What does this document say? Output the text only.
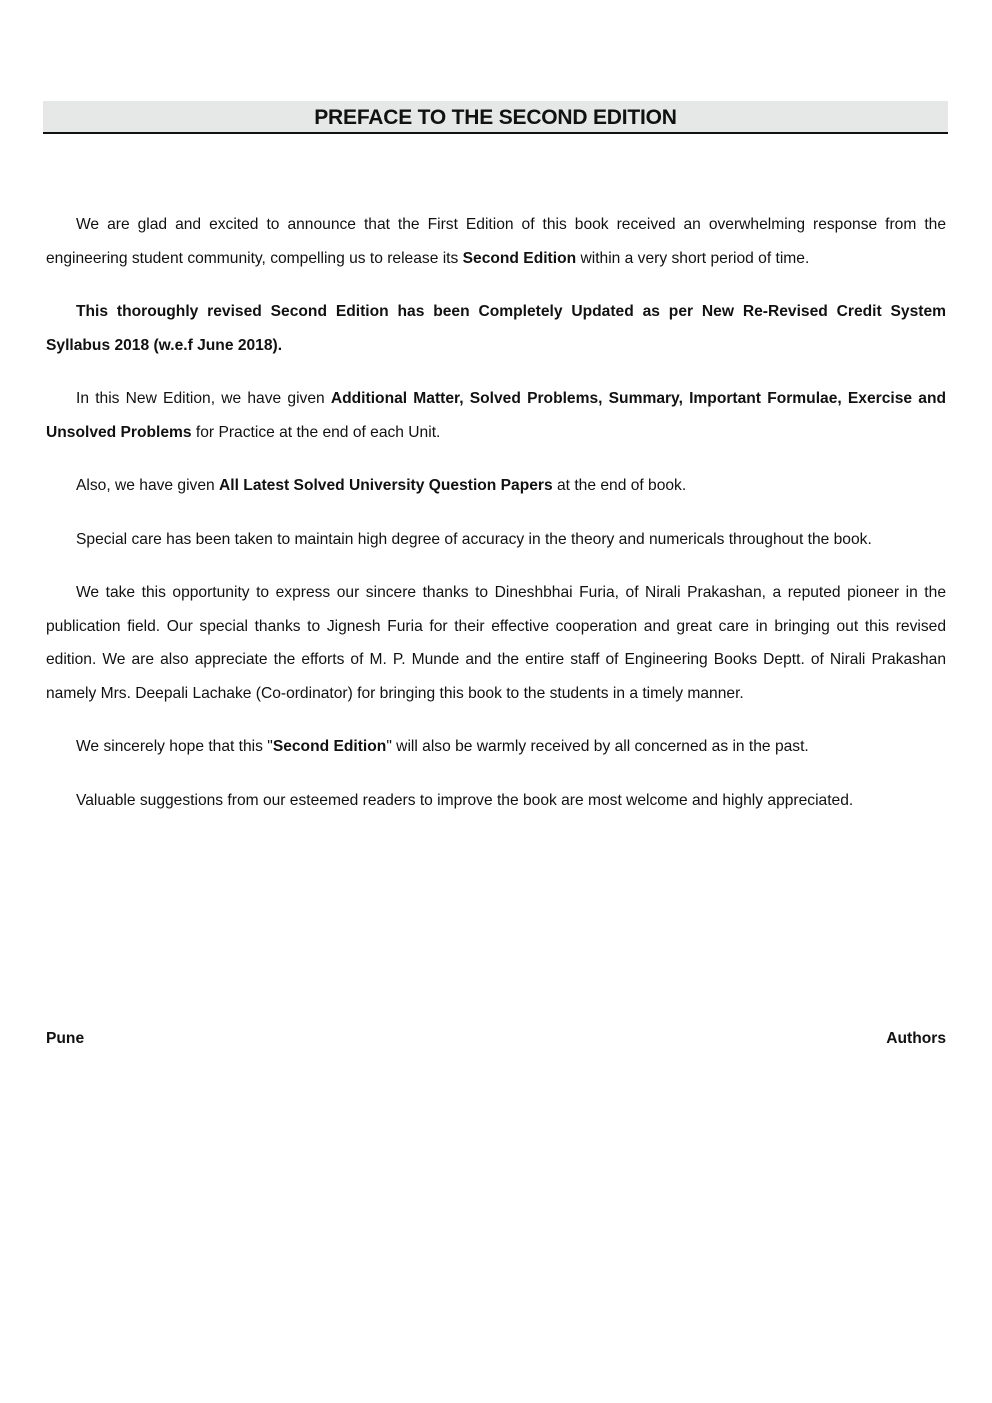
PREFACE TO THE SECOND EDITION

We are glad and excited to announce that the First Edition of this book received an overwhelming response from the engineering student community, compelling us to release its Second Edition within a very short period of time.

This thoroughly revised Second Edition has been Completely Updated as per New Re-Revised Credit System Syllabus 2018 (w.e.f June 2018).

In this New Edition, we have given Additional Matter, Solved Problems, Summary, Important Formulae, Exercise and Unsolved Problems for Practice at the end of each Unit.

Also, we have given All Latest Solved University Question Papers at the end of book.

Special care has been taken to maintain high degree of accuracy in the theory and numericals throughout the book.

We take this opportunity to express our sincere thanks to Dineshbhai Furia, of Nirali Prakashan, a reputed pioneer in the publication field. Our special thanks to Jignesh Furia for their effective cooperation and great care in bringing out this revised edition. We are also appreciate the efforts of M. P. Munde and the entire staff of Engineering Books Deptt. of Nirali Prakashan namely Mrs. Deepali Lachake (Co-ordinator) for bringing this book to the students in a timely manner.

We sincerely hope that this "Second Edition" will also be warmly received by all concerned as in the past.

Valuable suggestions from our esteemed readers to improve the book are most welcome and highly appreciated.

Pune	Authors
